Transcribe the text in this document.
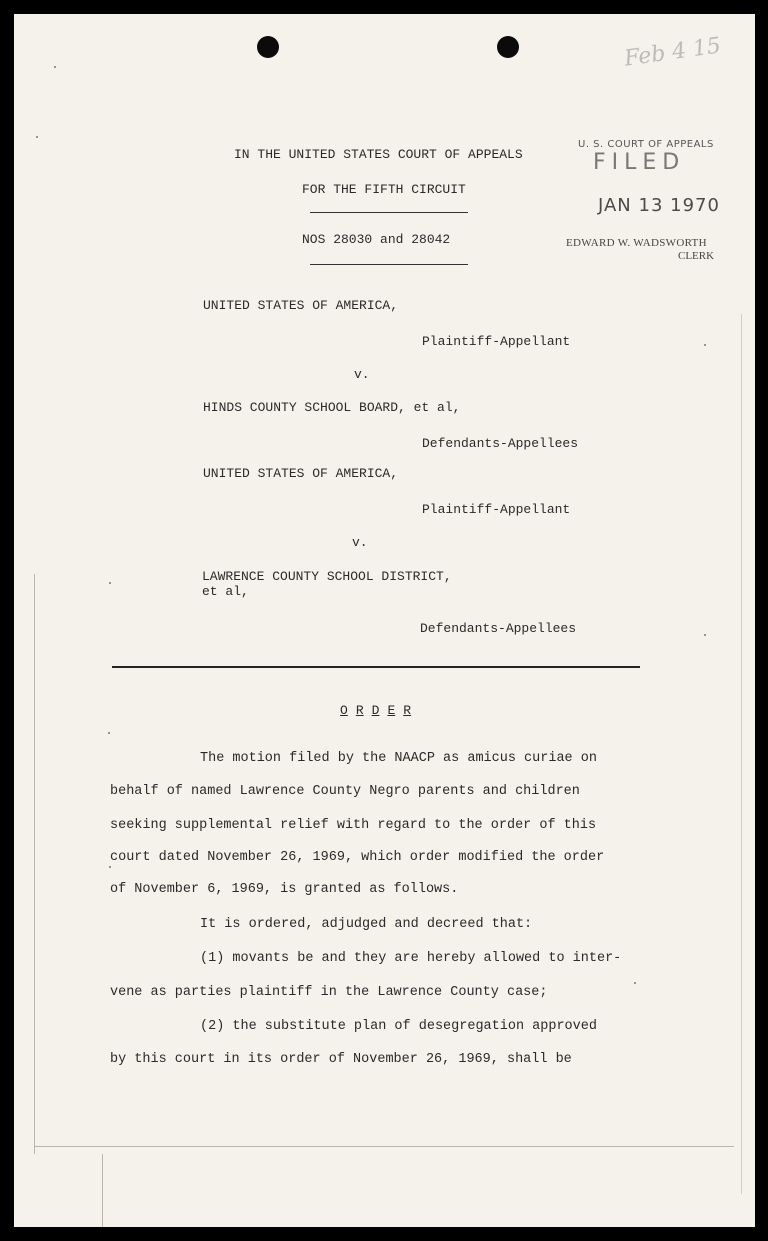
Feb 4 15
IN THE UNITED STATES COURT OF APPEALS
FOR THE FIFTH CIRCUIT
NOS 28030 and 28042
U. S. COURT OF APPEALS
FILED
JAN 13 1970
EDWARD W. WADSWORTH
CLERK
UNITED STATES OF AMERICA,
Plaintiff-Appellant
v.
HINDS COUNTY SCHOOL BOARD, et al,
Defendants-Appellees
UNITED STATES OF AMERICA,
Plaintiff-Appellant
v.
LAWRENCE COUNTY SCHOOL DISTRICT,
et al,
Defendants-Appellees
O R D E R
The motion filed by the NAACP as amicus curiae on
behalf of named Lawrence County Negro parents and children
seeking supplemental relief with regard to the order of this
court dated November 26, 1969, which order modified the order
of November 6, 1969, is granted as follows.
It is ordered, adjudged and decreed that:
(1) movants be and they are hereby allowed to inter-
vene as parties plaintiff in the Lawrence County case;
(2) the substitute plan of desegregation approved
by this court in its order of November 26, 1969, shall be
